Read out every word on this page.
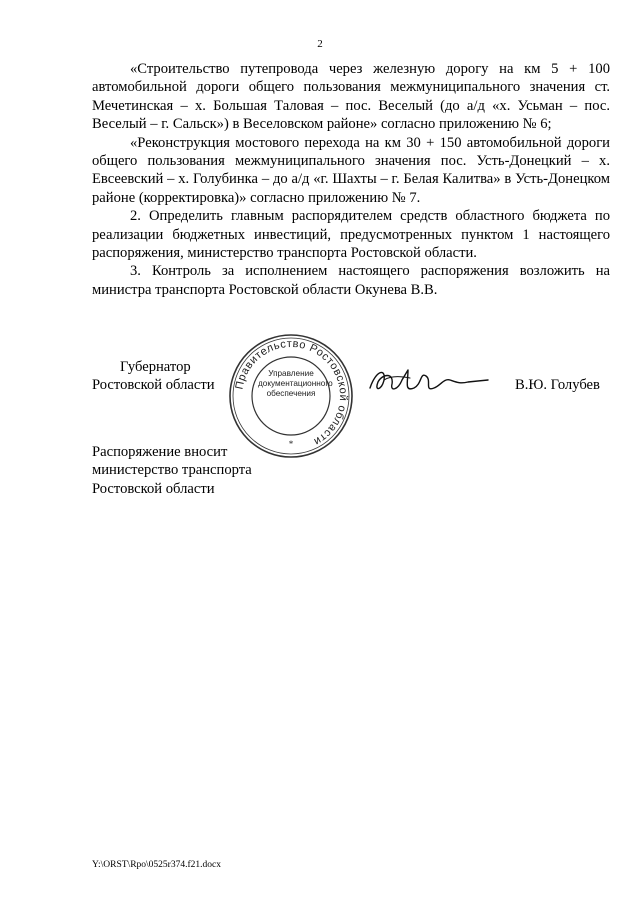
2

«Строительство путепровода через железную дорогу на км 5 + 100 автомобильной дороги общего пользования межмуниципального значения ст. Мечетинская – х. Большая Таловая – пос. Веселый (до а/д «х. Усьман – пос. Веселый – г. Сальск») в Веселовском районе» согласно приложению № 6;

«Реконструкция мостового перехода на км 30 + 150 автомобильной дороги общего пользования межмуниципального значения пос. Усть-Донецкий – х. Евсеевский – х. Голубинка – до а/д «г. Шахты – г. Белая Калитва» в Усть-Донецком районе (корректировка)» согласно приложению № 7.

2. Определить главным распорядителем средств областного бюджета по реализации бюджетных инвестиций, предусмотренных пунктом 1 настоящего распоряжения, министерство транспорта Ростовской области.

3. Контроль за исполнением настоящего распоряжения возложить на министра транспорта Ростовской области Окунева В.В.

Губернатор
Ростовской области Правительство Ростовской области
*
Управление
документационного
обеспечения
В.Ю. Голубев
Распоряжение вносит
министерство транспорта
Ростовской области
Y:\ORST\Rpo\0525r374.f21.docx
